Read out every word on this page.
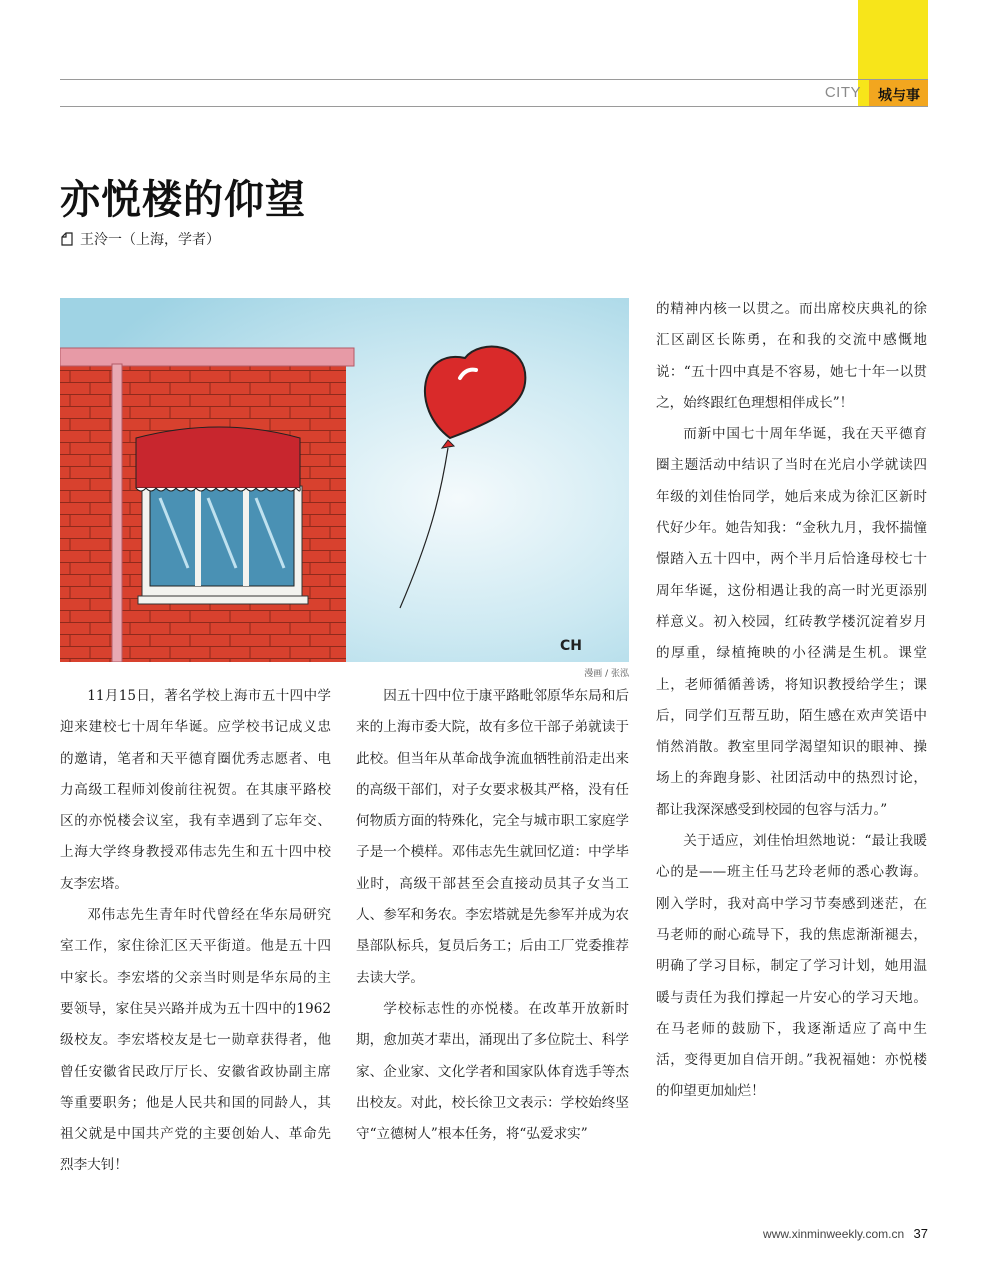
CITY	城与事
亦悦楼的仰望
王泠一（上海，学者）
CH
漫画 / 张泓

11月15日，著名学校上海市五十四中学迎来建校七十周年华诞。应学校书记成义忠的邀请，笔者和天平德育圈优秀志愿者、电力高级工程师刘俊前往祝贺。在其康平路校区的亦悦楼会议室，我有幸遇到了忘年交、上海大学终身教授邓伟志先生和五十四中校友李宏塔。

邓伟志先生青年时代曾经在华东局研究室工作，家住徐汇区天平街道。他是五十四中家长。李宏塔的父亲当时则是华东局的主要领导，家住吴兴路并成为五十四中的1962级校友。李宏塔校友是七一勋章获得者，他曾任安徽省民政厅厅长、安徽省政协副主席等重要职务；他是人民共和国的同龄人，其祖父就是中国共产党的主要创始人、革命先烈李大钊！

因五十四中位于康平路毗邻原华东局和后来的上海市委大院，故有多位干部子弟就读于此校。但当年从革命战争流血牺牲前沿走出来的高级干部们，对子女要求极其严格，没有任何物质方面的特殊化，完全与城市职工家庭学子是一个模样。邓伟志先生就回忆道：中学毕业时，高级干部甚至会直接动员其子女当工人、参军和务农。李宏塔就是先参军并成为农垦部队标兵，复员后务工；后由工厂党委推荐去读大学。

学校标志性的亦悦楼。在改革开放新时期，愈加英才辈出，涌现出了多位院士、科学家、企业家、文化学者和国家队体育选手等杰出校友。对此，校长徐卫文表示：学校始终坚守“立德树人”根本任务，将“弘爱求实”

的精神内核一以贯之。而出席校庆典礼的徐汇区副区长陈勇，在和我的交流中感慨地说：“五十四中真是不容易，她七十年一以贯之，始终跟红色理想相伴成长”！

而新中国七十周年华诞，我在天平德育圈主题活动中结识了当时在光启小学就读四年级的刘佳怡同学，她后来成为徐汇区新时代好少年。她告知我：“金秋九月，我怀揣憧憬踏入五十四中，两个半月后恰逢母校七十周年华诞，这份相遇让我的高一时光更添别样意义。初入校园，红砖教学楼沉淀着岁月的厚重，绿植掩映的小径满是生机。课堂上，老师循循善诱，将知识教授给学生；课后，同学们互帮互助，陌生感在欢声笑语中悄然消散。教室里同学渴望知识的眼神、操场上的奔跑身影、社团活动中的热烈讨论，都让我深深感受到校园的包容与活力。”

关于适应，刘佳怡坦然地说：“最让我暖心的是——班主任马艺玲老师的悉心教诲。刚入学时，我对高中学习节奏感到迷茫，在马老师的耐心疏导下，我的焦虑渐渐褪去，明确了学习目标，制定了学习计划，她用温暖与责任为我们撑起一片安心的学习天地。在马老师的鼓励下，我逐渐适应了高中生活，变得更加自信开朗。”我祝福她：亦悦楼的仰望更加灿烂！

www.xinminweekly.com.cn 37
